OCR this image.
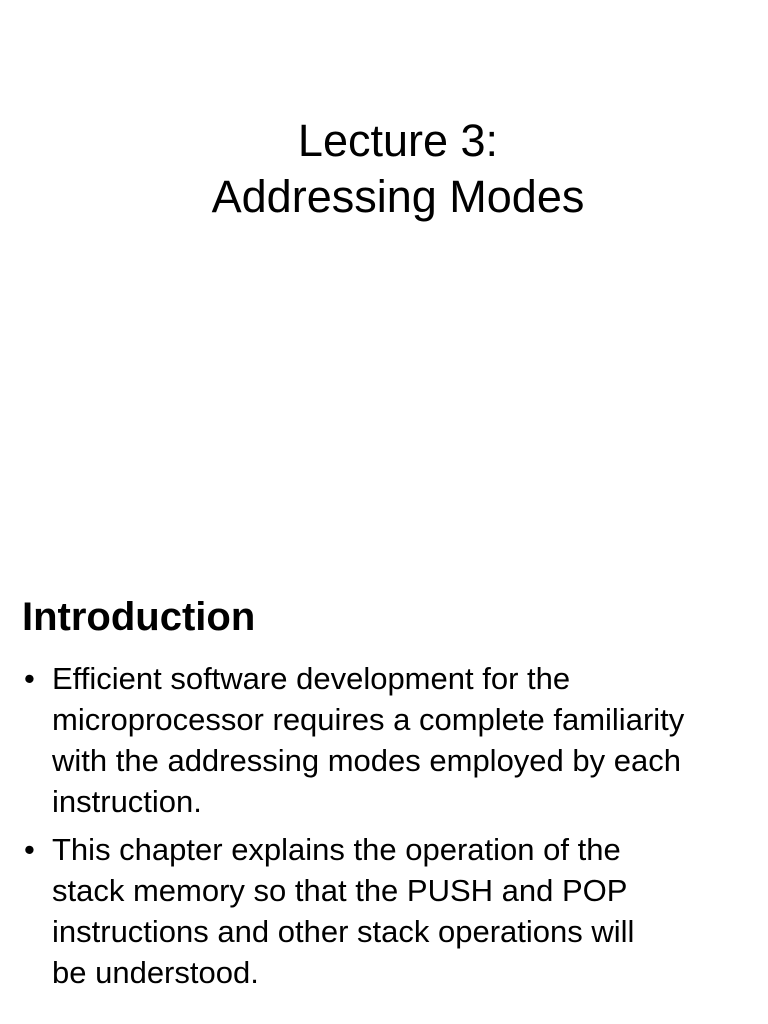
Lecture 3:
Addressing Modes
Introduction
• Efficient software development for the
microprocessor requires a complete familiarity
with the addressing modes employed by each
instruction.
• This chapter explains the operation of the
stack memory so that the PUSH and POP
instructions and other stack operations will
be understood.
